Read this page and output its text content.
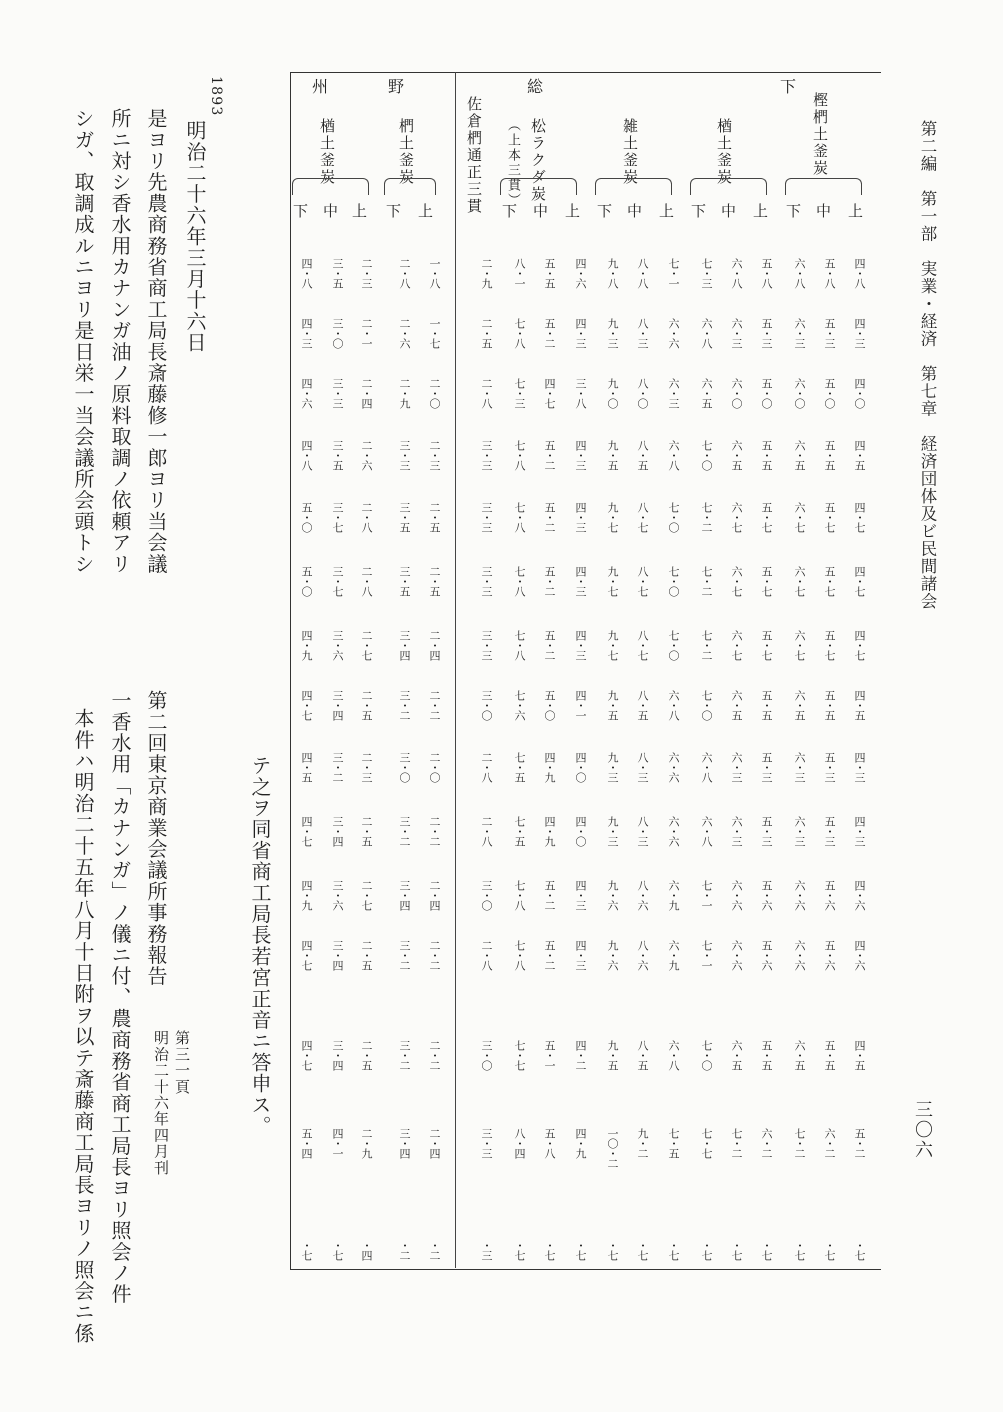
第二編　第一部　実業・経済　第七章　経済団体及ビ民間諸会
三〇六
下
総
野
州
樫椚土釜炭
楢土釜炭
雑土釜炭
松ラクダ炭
（上本三貫）
佐倉椚通正三貫
椚土釜炭
楢土釜炭
上
中
下
上
中
下
上
中
下
上
中
下
上
下
上
中
下
四・八
五・八
六・八
五・八
六・八
七・三
七・一
八・八
九・八
四・六
五・五
八・一
二・九
一・八
二・八
二・三
三・五
四・八
四・三
五・三
六・三
五・三
六・三
六・八
六・六
八・三
九・三
四・三
五・二
七・八
二・五
一・七
二・六
二・一
三・〇
四・三
四・〇
五・〇
六・〇
五・〇
六・〇
六・五
六・三
八・〇
九・〇
三・八
四・七
七・三
二・八
二・〇
二・九
二・四
三・三
四・六
四・五
五・五
六・五
五・五
六・五
七・〇
六・八
八・五
九・五
四・三
五・二
七・八
三・三
二・三
三・三
二・六
三・五
四・八
四・七
五・七
六・七
五・七
六・七
七・二
七・〇
八・七
九・七
四・三
五・二
七・八
三・三
二・五
三・五
二・八
三・七
五・〇
四・七
五・七
六・七
五・七
六・七
七・二
七・〇
八・七
九・七
四・三
五・二
七・八
三・三
二・五
三・五
二・八
三・七
五・〇
四・七
五・七
六・七
五・七
六・七
七・二
七・〇
八・七
九・七
四・三
五・二
七・八
三・三
二・四
三・四
二・七
三・六
四・九
四・五
五・五
六・五
五・五
六・五
七・〇
六・八
八・五
九・五
四・一
五・〇
七・六
三・〇
二・二
三・二
二・五
三・四
四・七
四・三
五・三
六・三
五・三
六・三
六・八
六・六
八・三
九・三
四・〇
四・九
七・五
二・八
二・〇
三・〇
二・三
三・二
四・五
四・三
五・三
六・三
五・三
六・三
六・八
六・六
八・三
九・三
四・〇
四・九
七・五
二・八
二・二
三・二
二・五
三・四
四・七
四・六
五・六
六・六
五・六
六・六
七・一
六・九
八・六
九・六
四・三
五・二
七・八
三・〇
二・四
三・四
二・七
三・六
四・九
四・六
五・六
六・六
五・六
六・六
七・一
六・九
八・六
九・六
四・三
五・二
七・八
二・八
二・二
三・二
二・五
三・四
四・七
四・五
五・五
六・五
五・五
六・五
七・〇
六・八
八・五
九・五
四・二
五・一
七・七
三・〇
二・二
三・二
二・五
三・四
四・七
五・二
六・二
七・二
六・二
七・二
七・七
七・五
九・二
一〇・二
四・九
五・八
八・四
三・三
二・四
三・四
二・九
四・一
五・四
・七
・七
・七
・七
・七
・七
・七
・七
・七
・七
・七
・七
・三
・二
・二
・四
・七
・七
1893
明治二十六年三月十六日
是ヨリ先農商務省商工局長斎藤修一郎ヨリ当会議
所ニ対シ香水用カナンガ油ノ原料取調ノ依頼アリ
シガ、取調成ルニヨリ是日栄一当会議所会頭トシ
テ之ヲ同省商工局長若宮正音ニ答申ス。
第二回東京商業会議所事務報告
第三一頁
明治二十六年四月刊
一香水用「カナンガ」ノ儀ニ付、農商務省商工局長ヨリ照会ノ件
本件ハ明治二十五年八月十日附ヲ以テ斎藤商工局長ヨリノ照会ニ係
